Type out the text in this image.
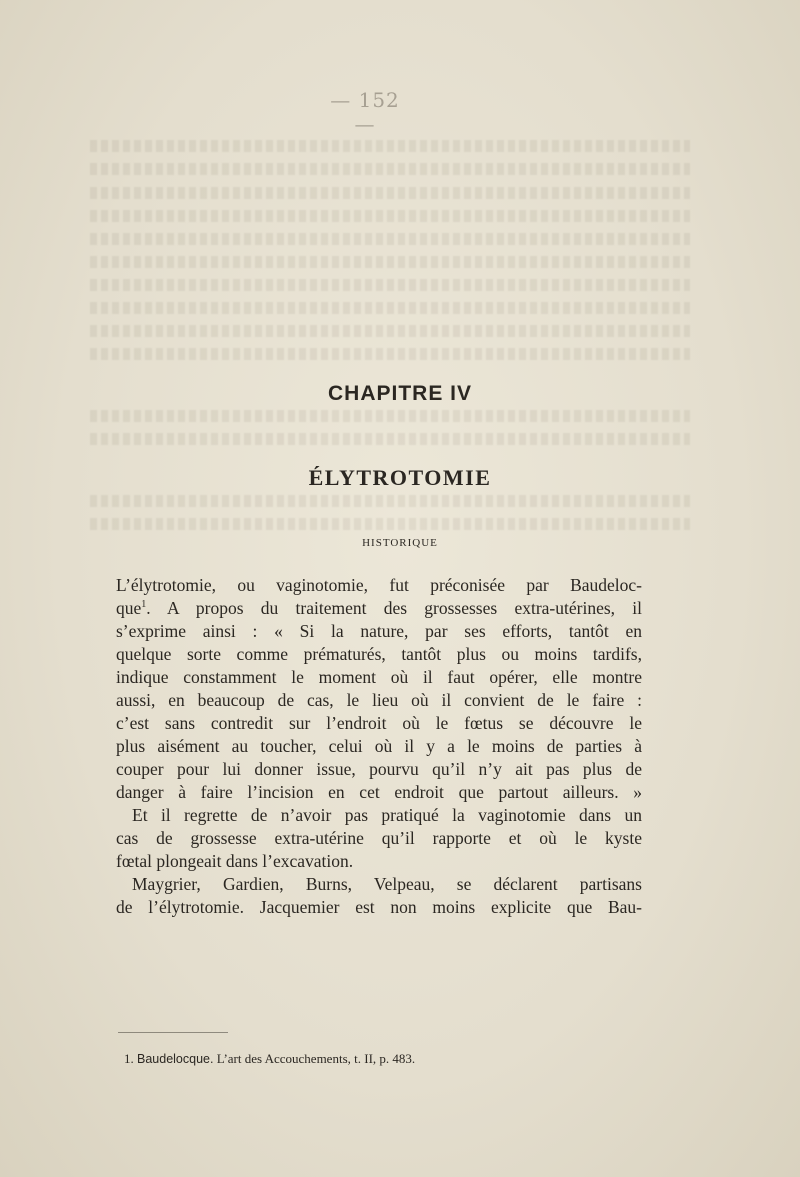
— 152 —
CHAPITRE IV
ÉLYTROTOMIE
HISTORIQUE

L’élytrotomie, ou vaginotomie, fut préconisée par Baudeloc-

que$^1$. A propos du traitement des grossesses extra-utérines, il

s’exprime ainsi : « Si la nature, par ses efforts, tantôt en

quelque sorte comme prématurés, tantôt plus ou moins tardifs,

indique constamment le moment où il faut opérer, elle montre

aussi, en beaucoup de cas, le lieu où il convient de le faire :

c’est sans contredit sur l’endroit où le fœtus se découvre le

plus aisément au toucher, celui où il y a le moins de parties à

couper pour lui donner issue, pourvu qu’il n’y ait pas plus de

danger à faire l’incision en cet endroit que partout ailleurs. »

Et il regrette de n’avoir pas pratiqué la vaginotomie dans un

cas de grossesse extra-utérine qu’il rapporte et où le kyste

fœtal plongeait dans l’excavation.

Maygrier, Gardien, Burns, Velpeau, se déclarent partisans

de l’élytrotomie. Jacquemier est non moins explicite que Bau-

1. Baudelocque. L’art des Accouchements, t. II, p. 483.
